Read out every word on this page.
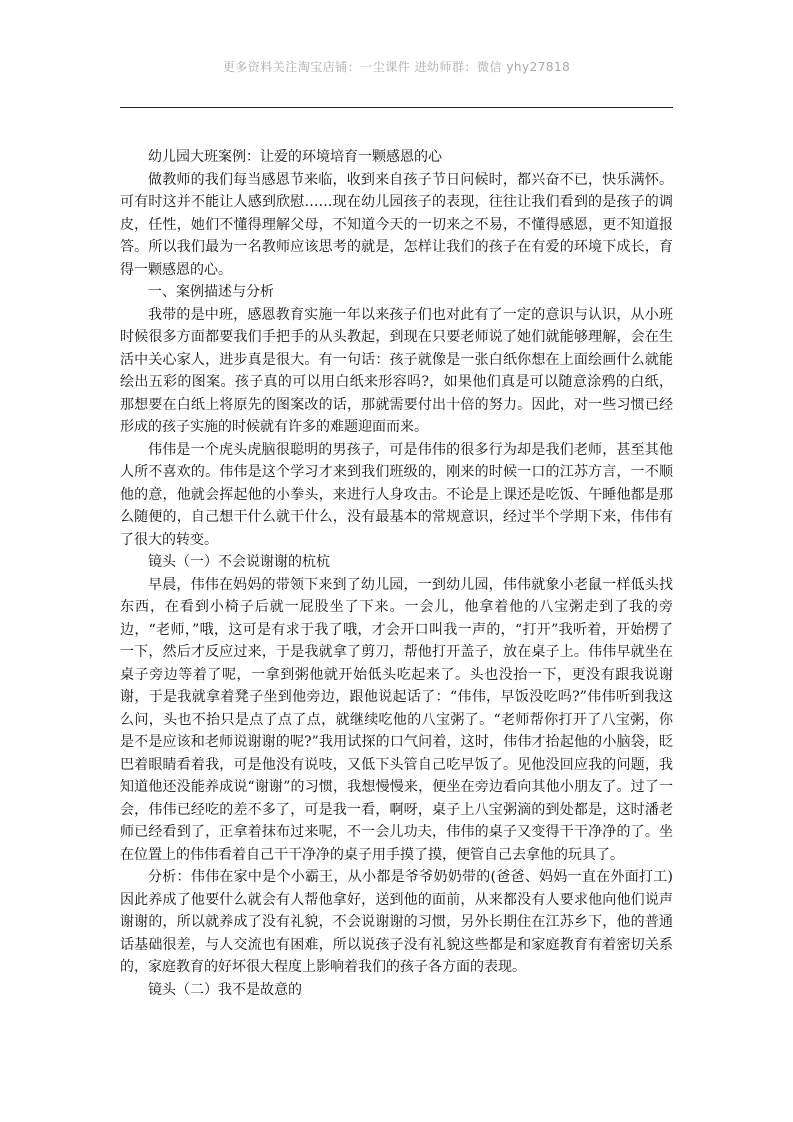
更多资料关注淘宝店铺：一尘课件 进幼师群：微信 yhy27818

幼儿园大班案例：让爱的环境培育一颗感恩的心

做教师的我们每当感恩节来临，收到来自孩子节日问候时，都兴奋不已，快乐满怀。可有时这并不能让人感到欣慰……现在幼儿园孩子的表现，往往让我们看到的是孩子的调皮，任性，她们不懂得理解父母，不知道今天的一切来之不易，不懂得感恩，更不知道报答。所以我们最为一名教师应该思考的就是，怎样让我们的孩子在有爱的环境下成长，育得一颗感恩的心。

一、案例描述与分析

我带的是中班，感恩教育实施一年以来孩子们也对此有了一定的意识与认识，从小班时候很多方面都要我们手把手的从头教起，到现在只要老师说了她们就能够理解，会在生活中关心家人，进步真是很大。有一句话：孩子就像是一张白纸你想在上面绘画什么就能绘出五彩的图案。孩子真的可以用白纸来形容吗?，如果他们真是可以随意涂鸦的白纸，那想要在白纸上将原先的图案改的话，那就需要付出十倍的努力。因此，对一些习惯已经形成的孩子实施的时候就有许多的难题迎面而来。

伟伟是一个虎头虎脑很聪明的男孩子，可是伟伟的很多行为却是我们老师，甚至其他人所不喜欢的。伟伟是这个学习才来到我们班级的，刚来的时候一口的江苏方言，一不顺他的意，他就会挥起他的小拳头，来进行人身攻击。不论是上课还是吃饭、午睡他都是那么随便的，自己想干什么就干什么，没有最基本的常规意识，经过半个学期下来，伟伟有了很大的转变。

镜头（一）不会说谢谢的杭杭

早晨，伟伟在妈妈的带领下来到了幼儿园，一到幼儿园，伟伟就象小老鼠一样低头找东西，在看到小椅子后就一屁股坐了下来。一会儿，他拿着他的八宝粥走到了我的旁边，“老师，”哦，这可是有求于我了哦，才会开口叫我一声的，“打开”我听着，开始楞了一下，然后才反应过来，于是我就拿了剪刀，帮他打开盖子，放在桌子上。伟伟早就坐在桌子旁边等着了呢，一拿到粥他就开始低头吃起来了。头也没抬一下，更没有跟我说谢谢，于是我就拿着凳子坐到他旁边，跟他说起话了：“伟伟，早饭没吃吗?”伟伟听到我这么问，头也不抬只是点了点了点，就继续吃他的八宝粥了。“老师帮你打开了八宝粥，你是不是应该和老师说谢谢的呢?”我用试探的口气问着，这时，伟伟才抬起他的小脑袋，眨巴着眼睛看着我，可是他没有说吱，又低下头管自己吃早饭了。见他没回应我的问题，我知道他还没能养成说“谢谢”的习惯，我想慢慢来，便坐在旁边看向其他小朋友了。过了一会，伟伟已经吃的差不多了，可是我一看，啊呀，桌子上八宝粥滴的到处都是，这时潘老师已经看到了，正拿着抹布过来呢，不一会儿功夫，伟伟的桌子又变得干干净净的了。坐在位置上的伟伟看着自己干干净净的桌子用手摸了摸，便管自己去拿他的玩具了。

分析：伟伟在家中是个小霸王，从小都是爷爷奶奶带的(爸爸、妈妈一直在外面打工)因此养成了他要什么就会有人帮他拿好，送到他的面前，从来都没有人要求他向他们说声谢谢的，所以就养成了没有礼貌，不会说谢谢的习惯，另外长期住在江苏乡下，他的普通话基础很差，与人交流也有困难，所以说孩子没有礼貌这些都是和家庭教育有着密切关系的，家庭教育的好坏很大程度上影响着我们的孩子各方面的表现。

镜头（二）我不是故意的
